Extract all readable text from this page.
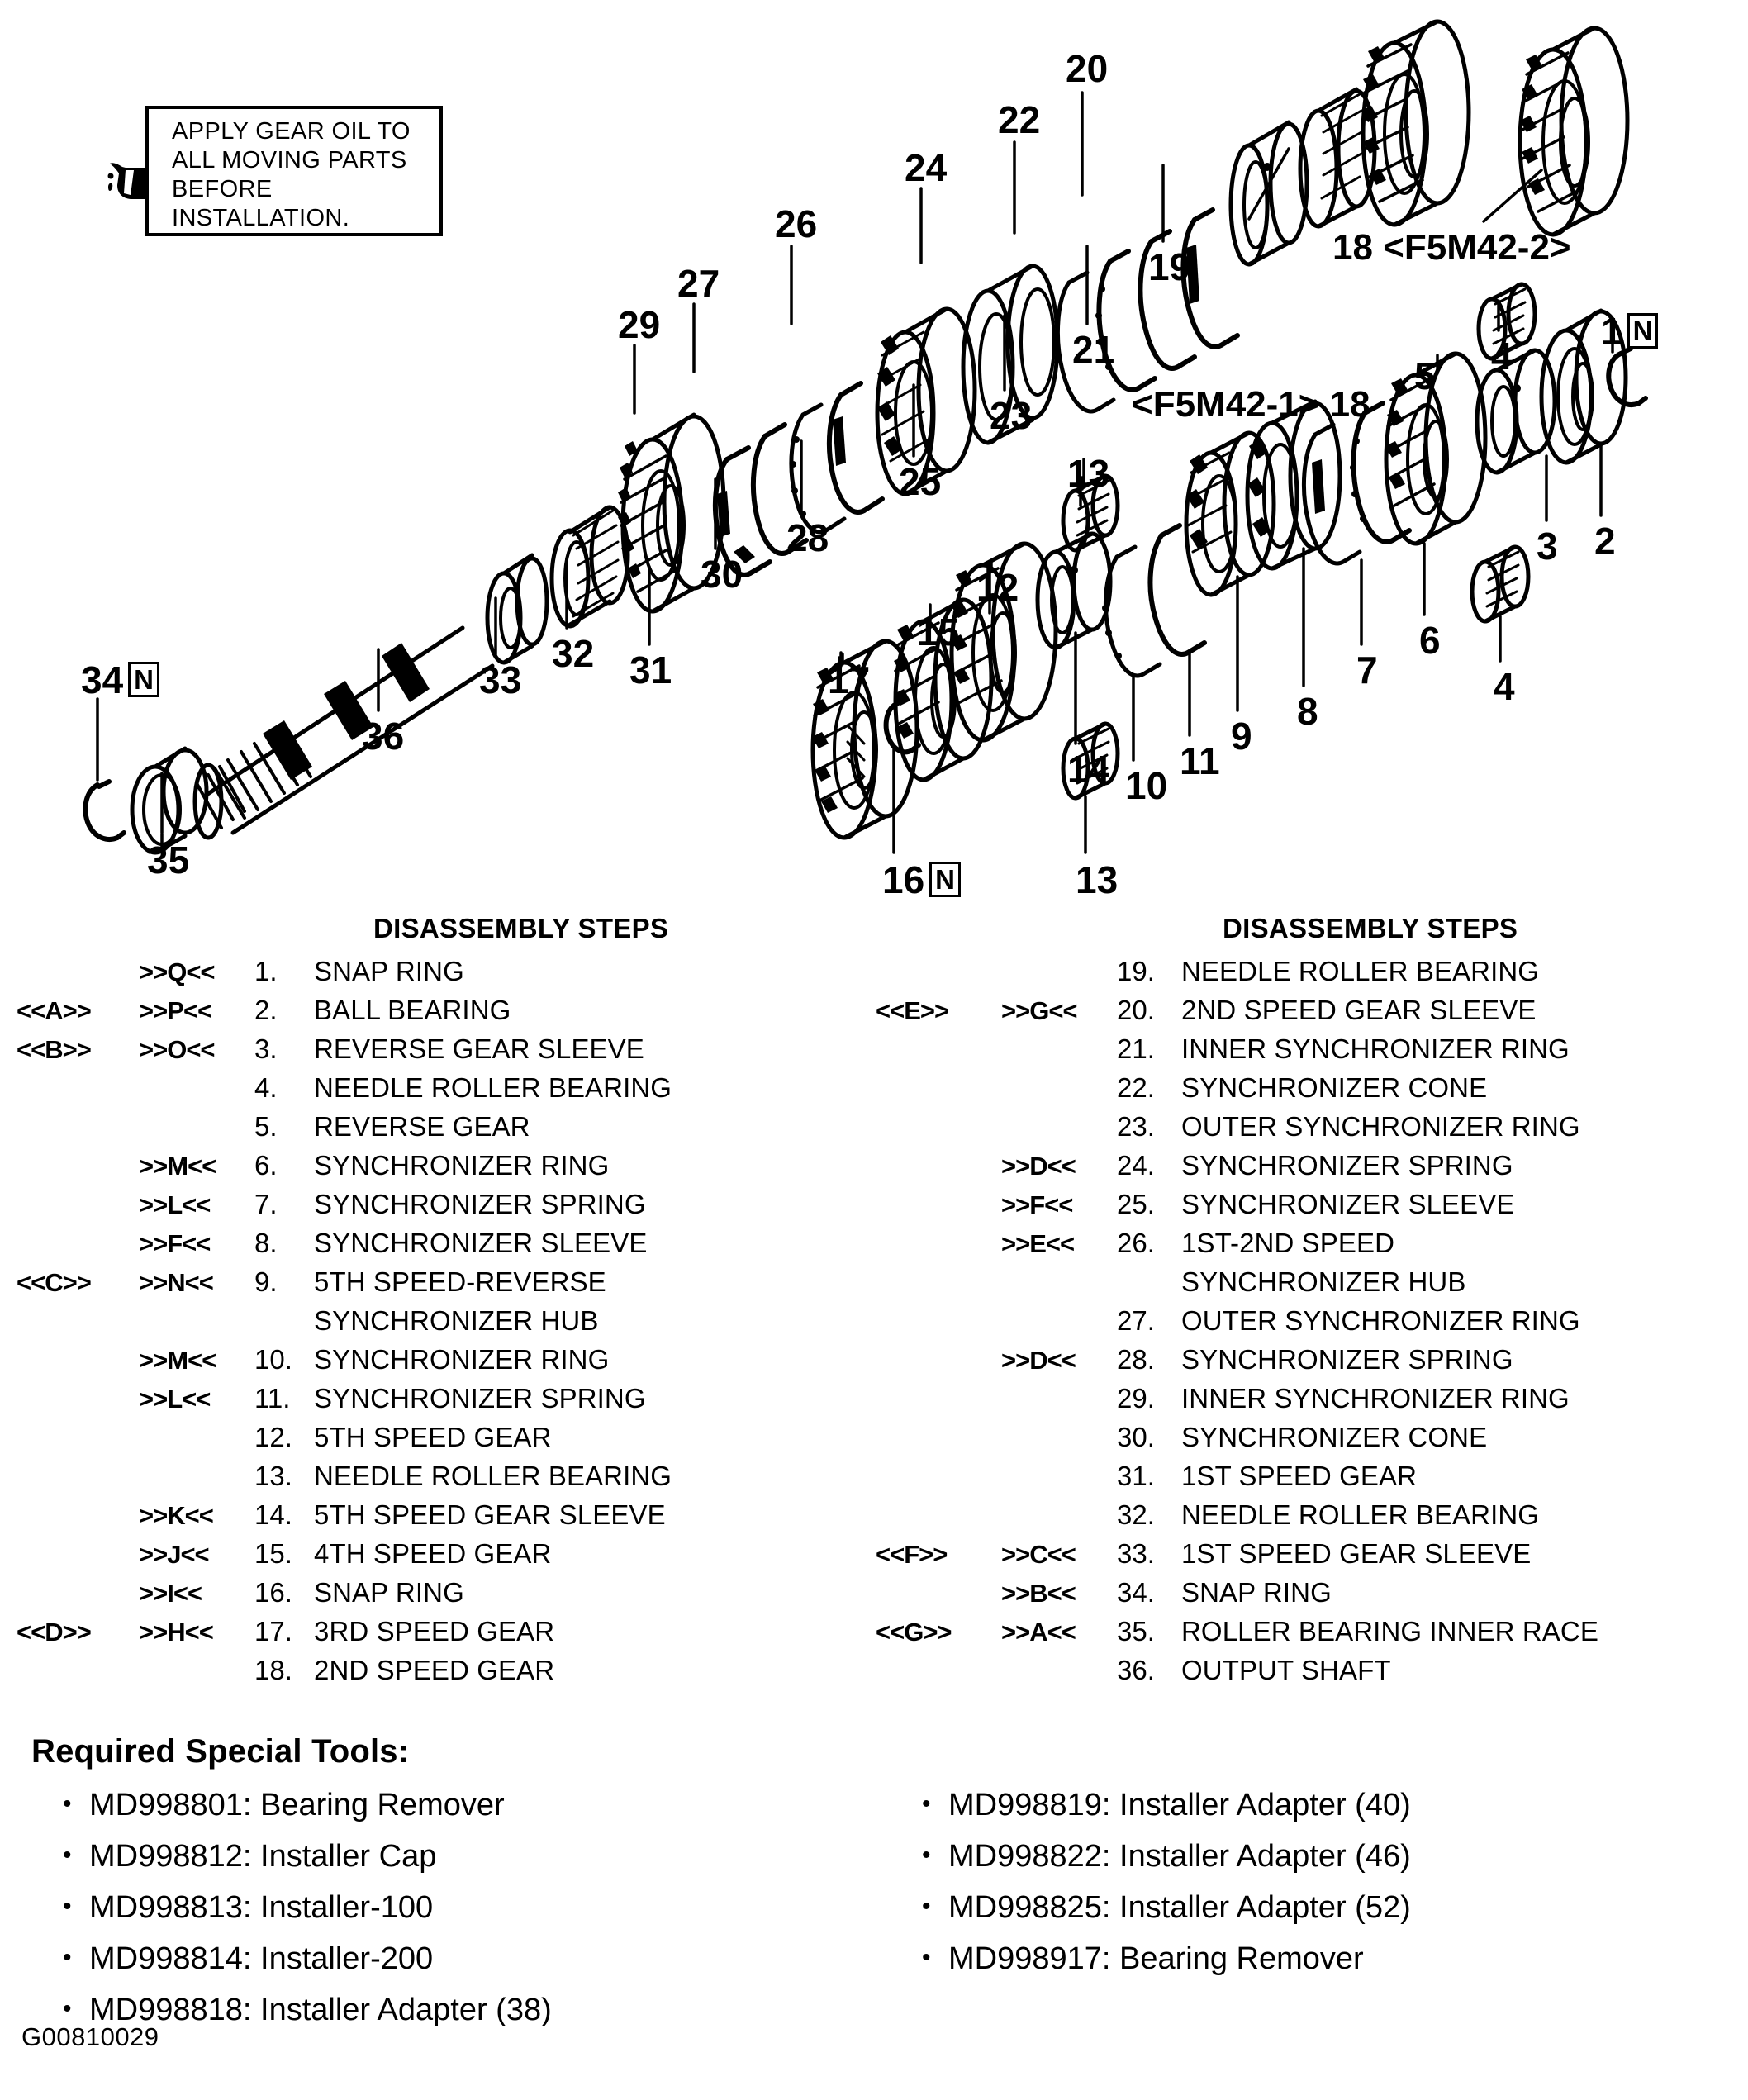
APPLY GEAR OIL TO ALL MOVING PARTS BEFORE INSTALLATION.
20
22
24
26
27
29
19
21
23
25
28
30
31
32
33
36
34 N
35
1 N
4
5
2
3
4
6
7
8
9
11
10
14
13
13
12
15
17
16 N
18 <F5M42-2>
<F5M42-1> 18
DISASSEMBLY STEPS
>>Q<<	1.	SNAP RING
<<A>>	>>P<<	2.	BALL BEARING
<<B>>	>>O<<	3.	REVERSE GEAR SLEEVE
4.	NEEDLE ROLLER BEARING
5.	REVERSE GEAR
>>M<<	6.	SYNCHRONIZER RING
>>L<<	7.	SYNCHRONIZER SPRING
>>F<<	8.	SYNCHRONIZER SLEEVE
<<C>>	>>N<<	9.	5TH SPEED-REVERSE
SYNCHRONIZER HUB
>>M<<	10. SYNCHRONIZER RING
>>L<<	11. SYNCHRONIZER SPRING
12. 5TH SPEED GEAR
13. NEEDLE ROLLER BEARING
>>K<<	14. 5TH SPEED GEAR SLEEVE
>>J<<	15. 4TH SPEED GEAR
>>I<<	16. SNAP RING
<<D>>	>>H<<	17. 3RD SPEED GEAR
18. 2ND SPEED GEAR
DISASSEMBLY STEPS
19. NEEDLE ROLLER BEARING
<<E>>	>>G<<	20. 2ND SPEED GEAR SLEEVE
21. INNER SYNCHRONIZER RING
22. SYNCHRONIZER CONE
23. OUTER SYNCHRONIZER RING
>>D<<	24. SYNCHRONIZER SPRING
>>F<<	25. SYNCHRONIZER SLEEVE
>>E<<	26. 1ST-2ND SPEED
SYNCHRONIZER HUB
27. OUTER SYNCHRONIZER RING
>>D<<	28. SYNCHRONIZER SPRING
29. INNER SYNCHRONIZER RING
30. SYNCHRONIZER CONE
31. 1ST SPEED GEAR
32. NEEDLE ROLLER BEARING
<<F>>	>>C<<	33. 1ST SPEED GEAR SLEEVE
>>B<<	34. SNAP RING
<<G>>	>>A<<	35. ROLLER BEARING INNER RACE
36. OUTPUT SHAFT
Required Special Tools:
• MD998801: Bearing Remover
• MD998812: Installer Cap
• MD998813: Installer-100
• MD998814: Installer-200
• MD998818: Installer Adapter (38)
• MD998819: Installer Adapter (40)
• MD998822: Installer Adapter (46)
• MD998825: Installer Adapter (52)
• MD998917: Bearing Remover
G00810029
